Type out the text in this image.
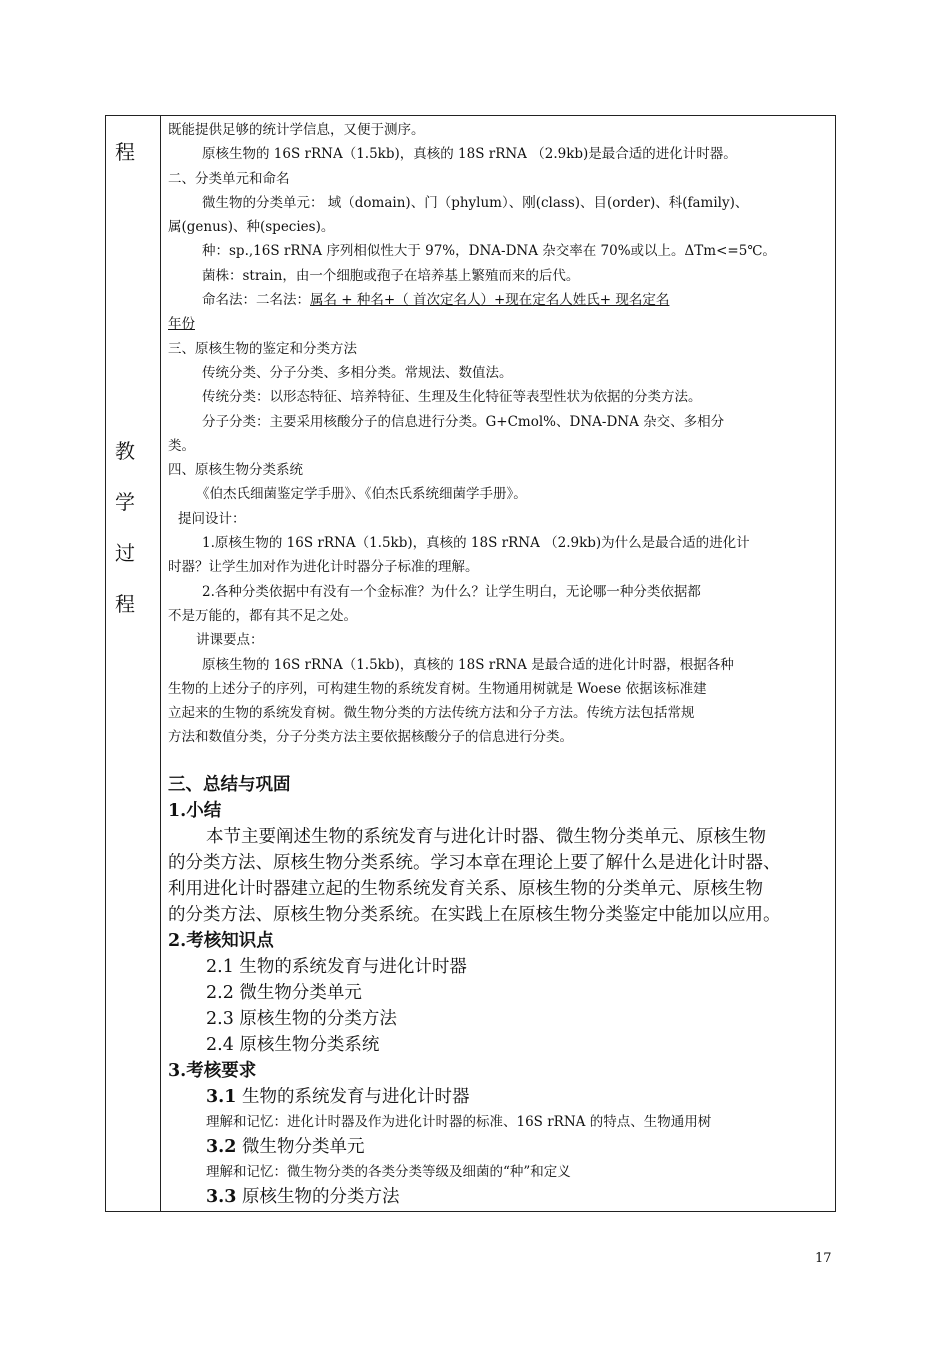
程
教
学
过
程
既能提供足够的统计学信息，又便于测序。
原核生物的 16S rRNA（1.5kb)，真核的 18S rRNA （2.9kb)是最合适的进化计时器。
二、分类单元和命名
微生物的分类单元： 域（domain)、门（phylum）、刚(class)、目(order)、科(family)、
属(genus)、种(species)。
种：sp.,16S rRNA 序列相似性大于 97%，DNA-DNA 杂交率在 70%或以上。ΔTm<=5℃。
菌株：strain，由一个细胞或孢子在培养基上繁殖而来的后代。
命名法：二名法：属名 + 种名+（ 首次定名人）+现在定名人姓氏+ 现名定名
年份
三、原核生物的鉴定和分类方法
传统分类、分子分类、多相分类。常规法、数值法。
传统分类：以形态特征、培养特征、生理及生化特征等表型性状为依据的分类方法。
分子分类：主要采用核酸分子的信息进行分类。G+Cmol%、DNA-DNA 杂交、多相分
类。
四、原核生物分类系统
《伯杰氏细菌鉴定学手册》、《伯杰氏系统细菌学手册》。
提问设计：
1.原核生物的 16S rRNA（1.5kb)，真核的 18S rRNA （2.9kb)为什么是最合适的进化计
时器？让学生加对作为进化计时器分子标准的理解。
2.各种分类依据中有没有一个金标准？为什么？让学生明白，无论哪一种分类依据都
不是万能的，都有其不足之处。
讲课要点：
原核生物的 16S rRNA（1.5kb)，真核的 18S rRNA 是最合适的进化计时器，根据各种
生物的上述分子的序列，可构建生物的系统发育树。生物通用树就是 Woese 依据该标准建
立起来的生物的系统发育树。微生物分类的方法传统方法和分子方法。传统方法包括常规
方法和数值分类，分子分类方法主要依据核酸分子的信息进行分类。
三、总结与巩固
1.小结
本节主要阐述生物的系统发育与进化计时器、微生物分类单元、原核生物
的分类方法、原核生物分类系统。学习本章在理论上要了解什么是进化计时器、
利用进化计时器建立起的生物系统发育关系、原核生物的分类单元、原核生物
的分类方法、原核生物分类系统。在实践上在原核生物分类鉴定中能加以应用。
2.考核知识点
2.1 生物的系统发育与进化计时器
2.2 微生物分类单元
2.3 原核生物的分类方法
2.4 原核生物分类系统
3.考核要求
3.1 生物的系统发育与进化计时器
理解和记忆：进化计时器及作为进化计时器的标准、16S rRNA 的特点、生物通用树
3.2 微生物分类单元
理解和记忆：微生物分类的各类分类等级及细菌的“种”和定义
3.3 原核生物的分类方法
17
